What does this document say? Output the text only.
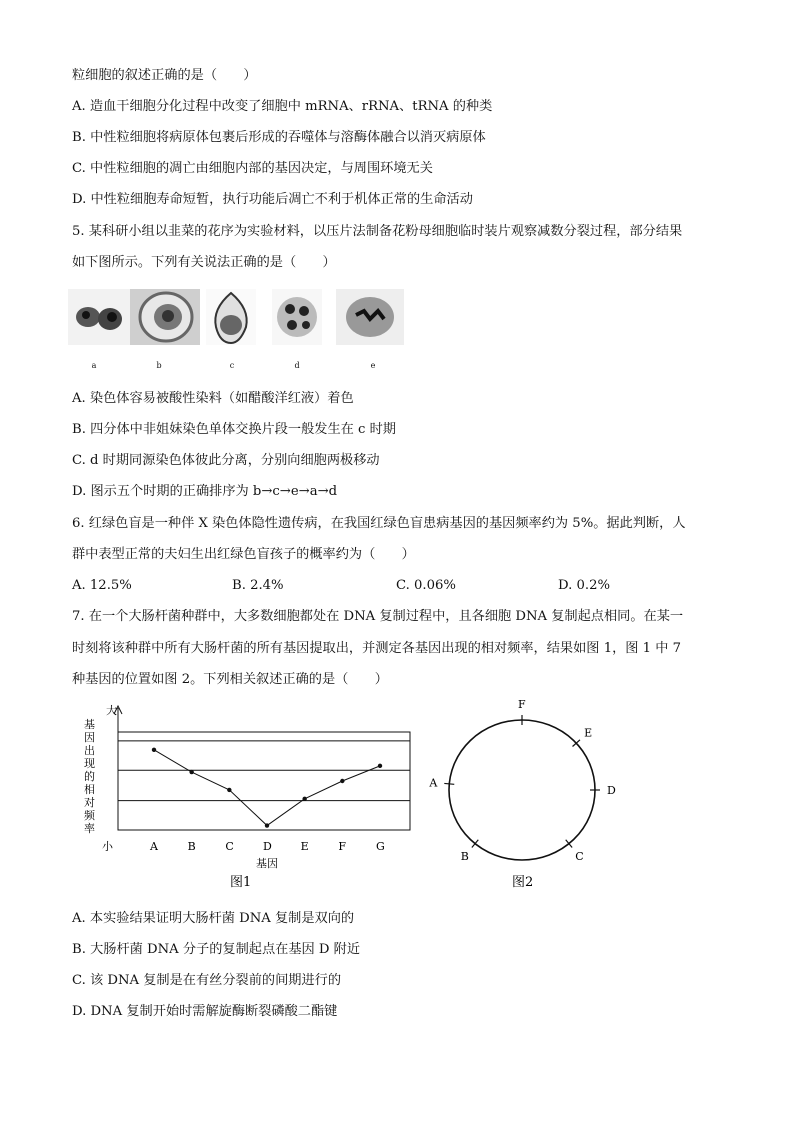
粒细胞的叙述正确的是（　　）
A. 造血干细胞分化过程中改变了细胞中 mRNA、rRNA、tRNA 的种类
B. 中性粒细胞将病原体包裹后形成的吞噬体与溶酶体融合以消灭病原体
C. 中性粒细胞的凋亡由细胞内部的基因决定，与周围环境无关
D. 中性粒细胞寿命短暂，执行功能后凋亡不利于机体正常的生命活动
5. 某科研小组以韭菜的花序为实验材料，以压片法制备花粉母细胞临时装片观察减数分裂过程，部分结果
如下图所示。下列有关说法正确的是（　　）
a	b	c	d	e
A. 染色体容易被酸性染料（如醋酸洋红液）着色
B. 四分体中非姐妹染色单体交换片段一般发生在 c 时期
C. d 时期同源染色体彼此分离，分别向细胞两极移动
D. 图示五个时期的正确排序为 b→c→e→a→d
6. 红绿色盲是一种伴 X 染色体隐性遗传病，在我国红绿色盲患病基因的基因频率约为 5%。据此判断，人
群中表型正常的夫妇生出红绿色盲孩子的概率约为（　　）
A. 12.5%	B. 2.4%	C. 0.06%	D. 0.2%
7. 在一个大肠杆菌种群中，大多数细胞都处在 DNA 复制过程中，且各细胞 DNA 复制起点相同。在某一
时刻将该种群中所有大肠杆菌的所有基因提取出，并测定各基因出现的相对频率，结果如图 1，图 1 中 7
种基因的位置如图 2。下列相关叙述正确的是（　　）
基
因
出
现
的
相
对
频
率
大
小	A	B	C	D	E	F	G
基因
图1
F
E
D
C
B
A
图2
A. 本实验结果证明大肠杆菌 DNA 复制是双向的
B. 大肠杆菌 DNA 分子的复制起点在基因 D 附近
C. 该 DNA 复制是在有丝分裂前的间期进行的
D. DNA 复制开始时需解旋酶断裂磷酸二酯键
